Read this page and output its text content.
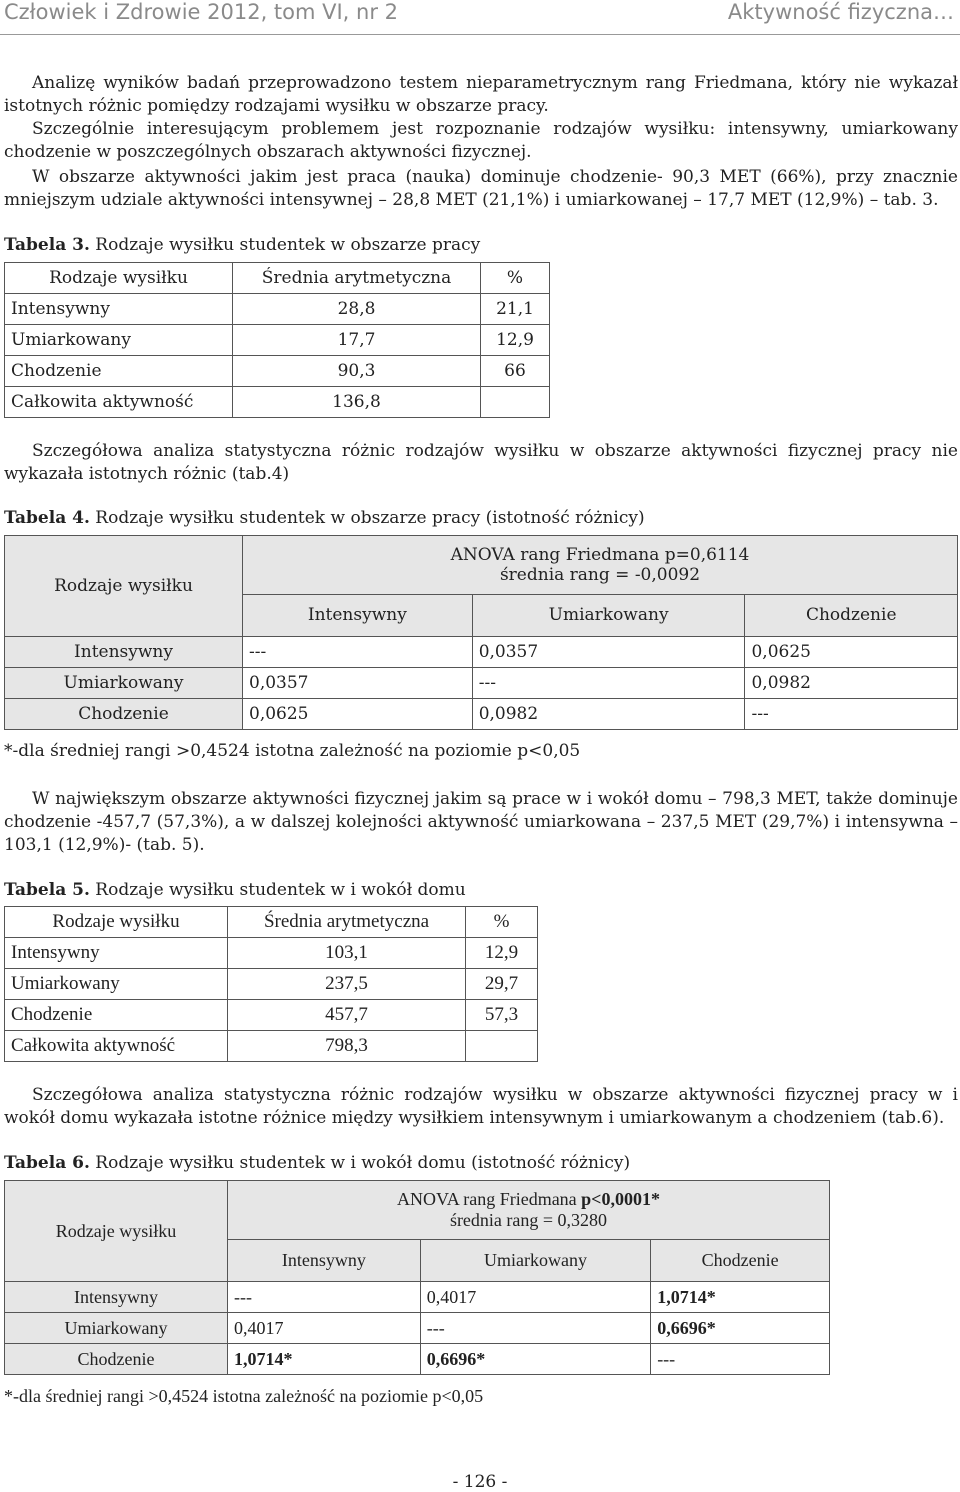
Człowiek i Zdrowie 2012, tom VI, nr 2	Aktywność fizyczna…
Analizę wyników badań przeprowadzono testem nieparametrycznym rang Friedmana, który nie wykazał istotnych różnic pomiędzy rodzajami wysiłku w obszarze pracy.
Szczególnie interesującym problemem jest rozpoznanie rodzajów wysiłku: intensywny, umiarkowany chodzenie w poszczególnych obszarach aktywności fizycznej.
W obszarze aktywności jakim jest praca (nauka) dominuje chodzenie- 90,3 MET (66%), przy znacznie mniejszym udziale aktywności intensywnej – 28,8 MET (21,1%) i umiarkowanej – 17,7 MET (12,9%) – tab. 3.
Tabela 3. Rodzaje wysiłku studentek w obszarze pracy
Rodzaje wysiłku	Średnia arytmetyczna	%
Intensywny	28,8	21,1
Umiarkowany	17,7	12,9
Chodzenie	90,3	66
Całkowita aktywność	136,8	
Szczegółowa analiza statystyczna różnic rodzajów wysiłku w obszarze aktywności fizycznej pracy nie wykazała istotnych różnic (tab.4)
Tabela 4. Rodzaje wysiłku studentek w obszarze pracy (istotność różnicy)
Rodzaje wysiłku	ANOVA rang Friedmana p=0,6114
średnia rang = -0,0092		
	Intensywny	Umiarkowany	Chodzenie
Intensywny	---	0,0357	0,0625
Umiarkowany	0,0357	---	0,0982
Chodzenie	0,0625	0,0982	---
*-dla średniej rangi >0,4524 istotna zależność na poziomie p<0,05
W największym obszarze aktywności fizycznej jakim są prace w i wokół domu – 798,3 MET, także dominuje chodzenie -457,7 (57,3%), a w dalszej kolejności aktywność umiarkowana – 237,5 MET (29,7%) i intensywna – 103,1 (12,9%)- (tab. 5).
Tabela 5. Rodzaje wysiłku studentek w i wokół domu
Rodzaje wysiłku	Średnia arytmetyczna	%
Intensywny	103,1	12,9
Umiarkowany	237,5	29,7
Chodzenie	457,7	57,3
Całkowita aktywność	798,3	
Szczegółowa analiza statystyczna różnic rodzajów wysiłku w obszarze aktywności fizycznej pracy w i wokół domu wykazała istotne różnice między wysiłkiem intensywnym i umiarkowanym a chodzeniem (tab.6).
Tabela 6. Rodzaje wysiłku studentek w i wokół domu (istotność różnicy)
Rodzaje wysiłku	ANOVA rang Friedmana p<0,0001*
średnia rang = 0,3280		
	Intensywny	Umiarkowany	Chodzenie
Intensywny	---	0,4017	1,0714*
Umiarkowany	0,4017	---	0,6696*
Chodzenie	1,0714*	0,6696*	---
*-dla średniej rangi >0,4524 istotna zależność na poziomie p<0,05
- 126 -
